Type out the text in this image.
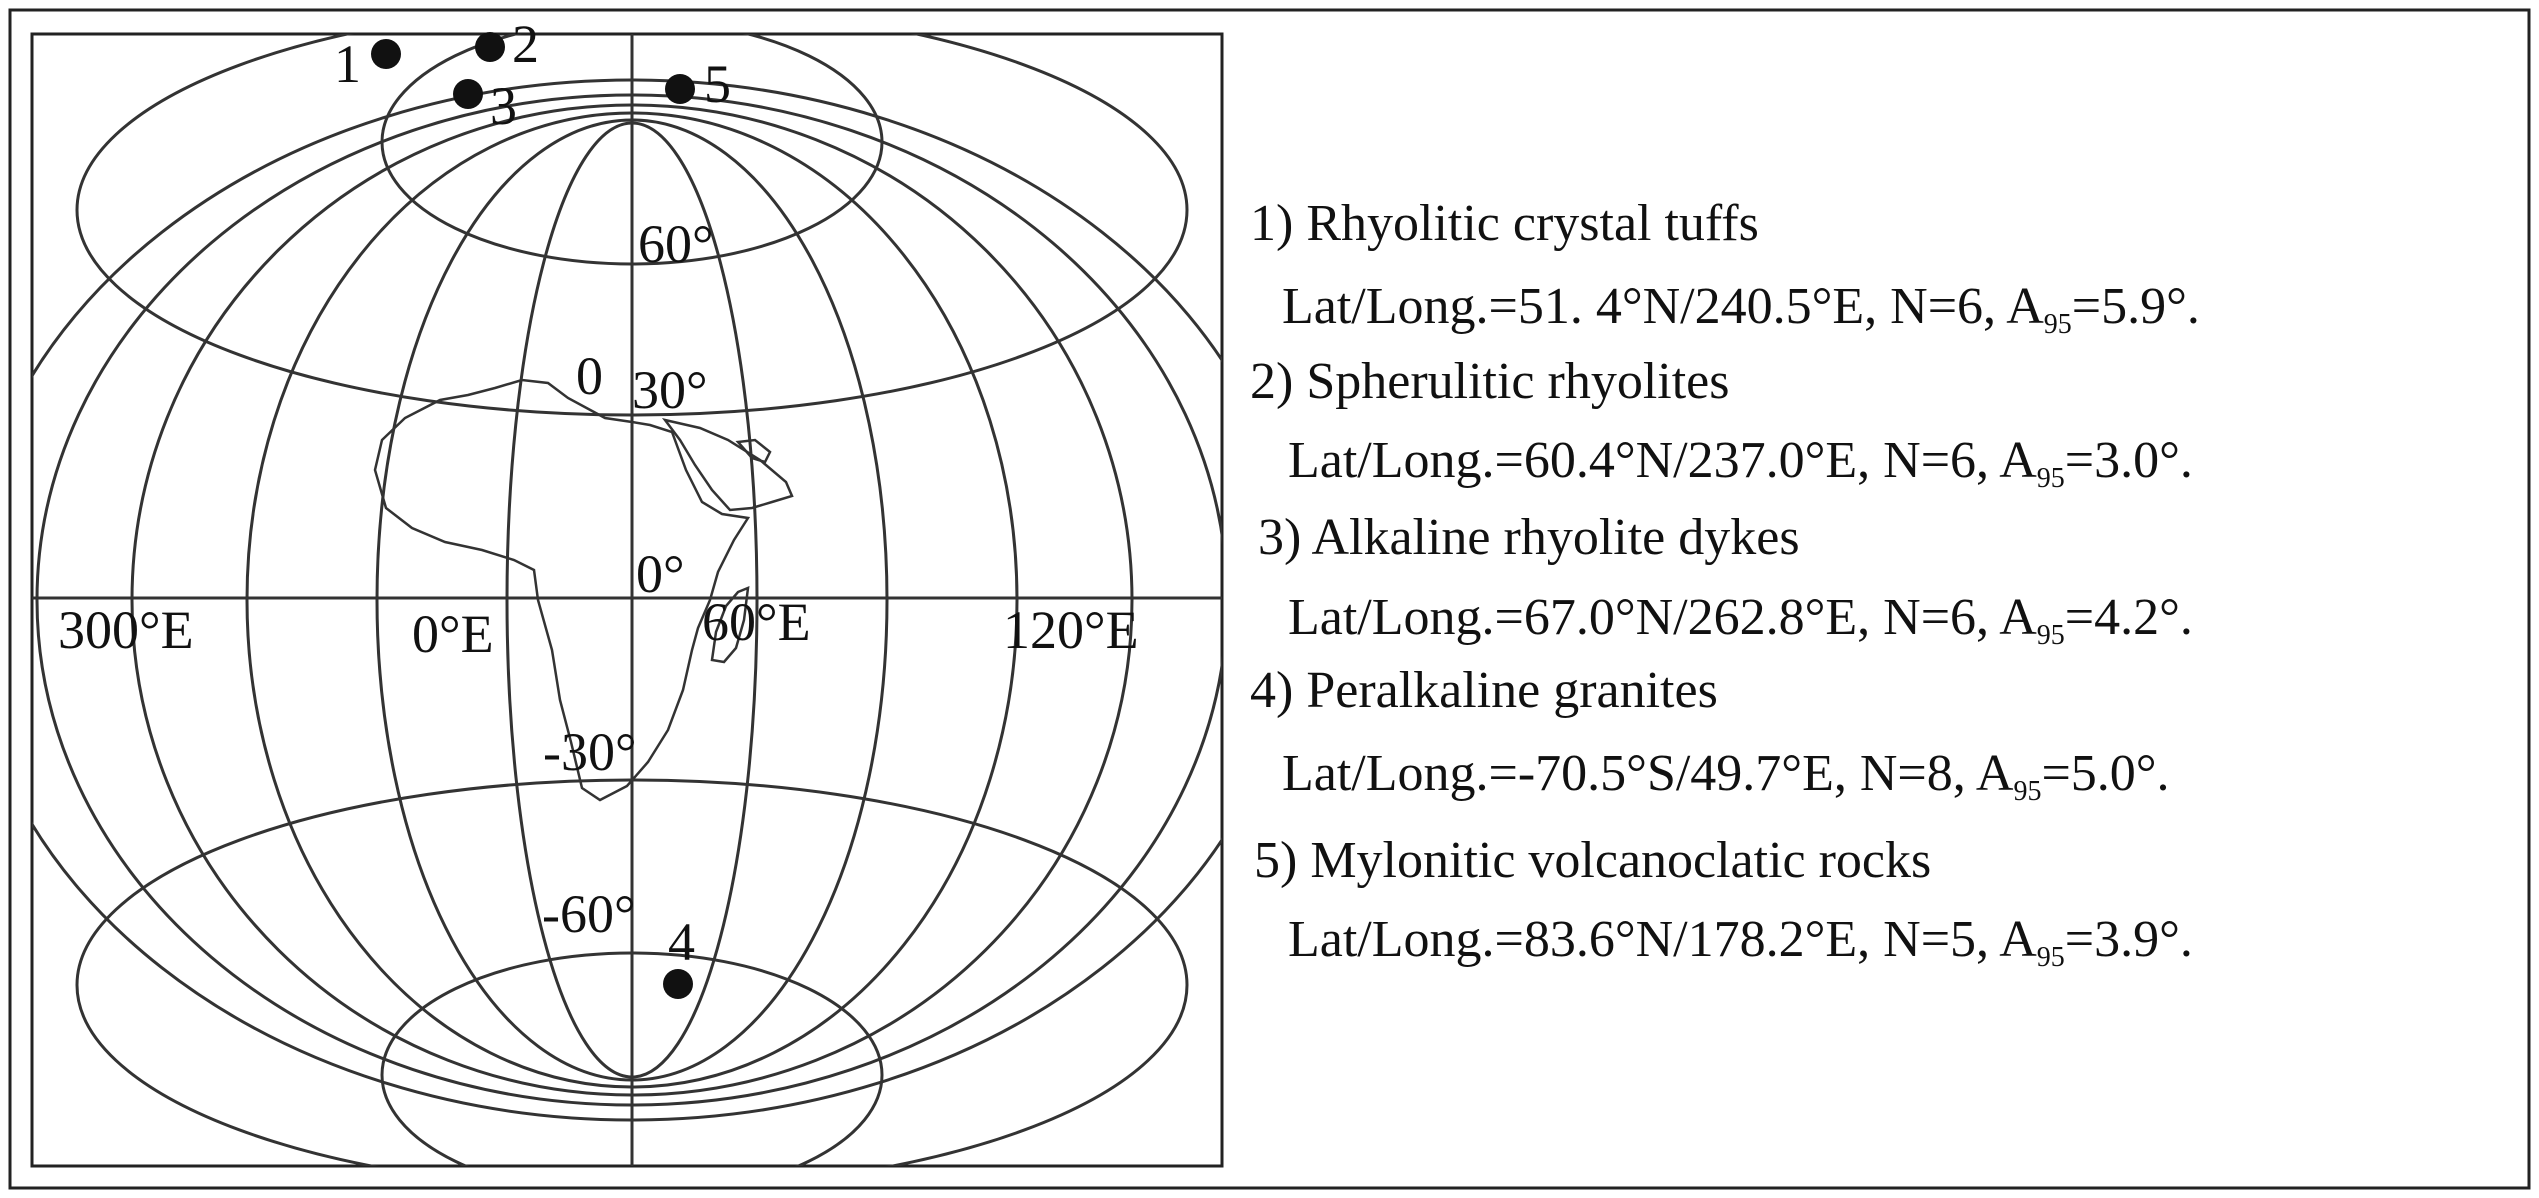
300°E	0°E	60°E	120°E
60°
30°
0°
-30°
-60°
0
1	2
3
4
5
1) Rhyolitic crystal tuffs
Lat/Long.=51. 4°N/240.5°E, N=6, A95=5.9°.
2) Spherulitic rhyolites
Lat/Long.=60.4°N/237.0°E, N=6, A95=3.0°.
3) Alkaline rhyolite dykes
Lat/Long.=67.0°N/262.8°E, N=6, A95=4.2°.
4) Peralkaline granites
Lat/Long.=-70.5°S/49.7°E, N=8, A95=5.0°.
5) Mylonitic volcanoclatic rocks
Lat/Long.=83.6°N/178.2°E, N=5, A95=3.9°.
